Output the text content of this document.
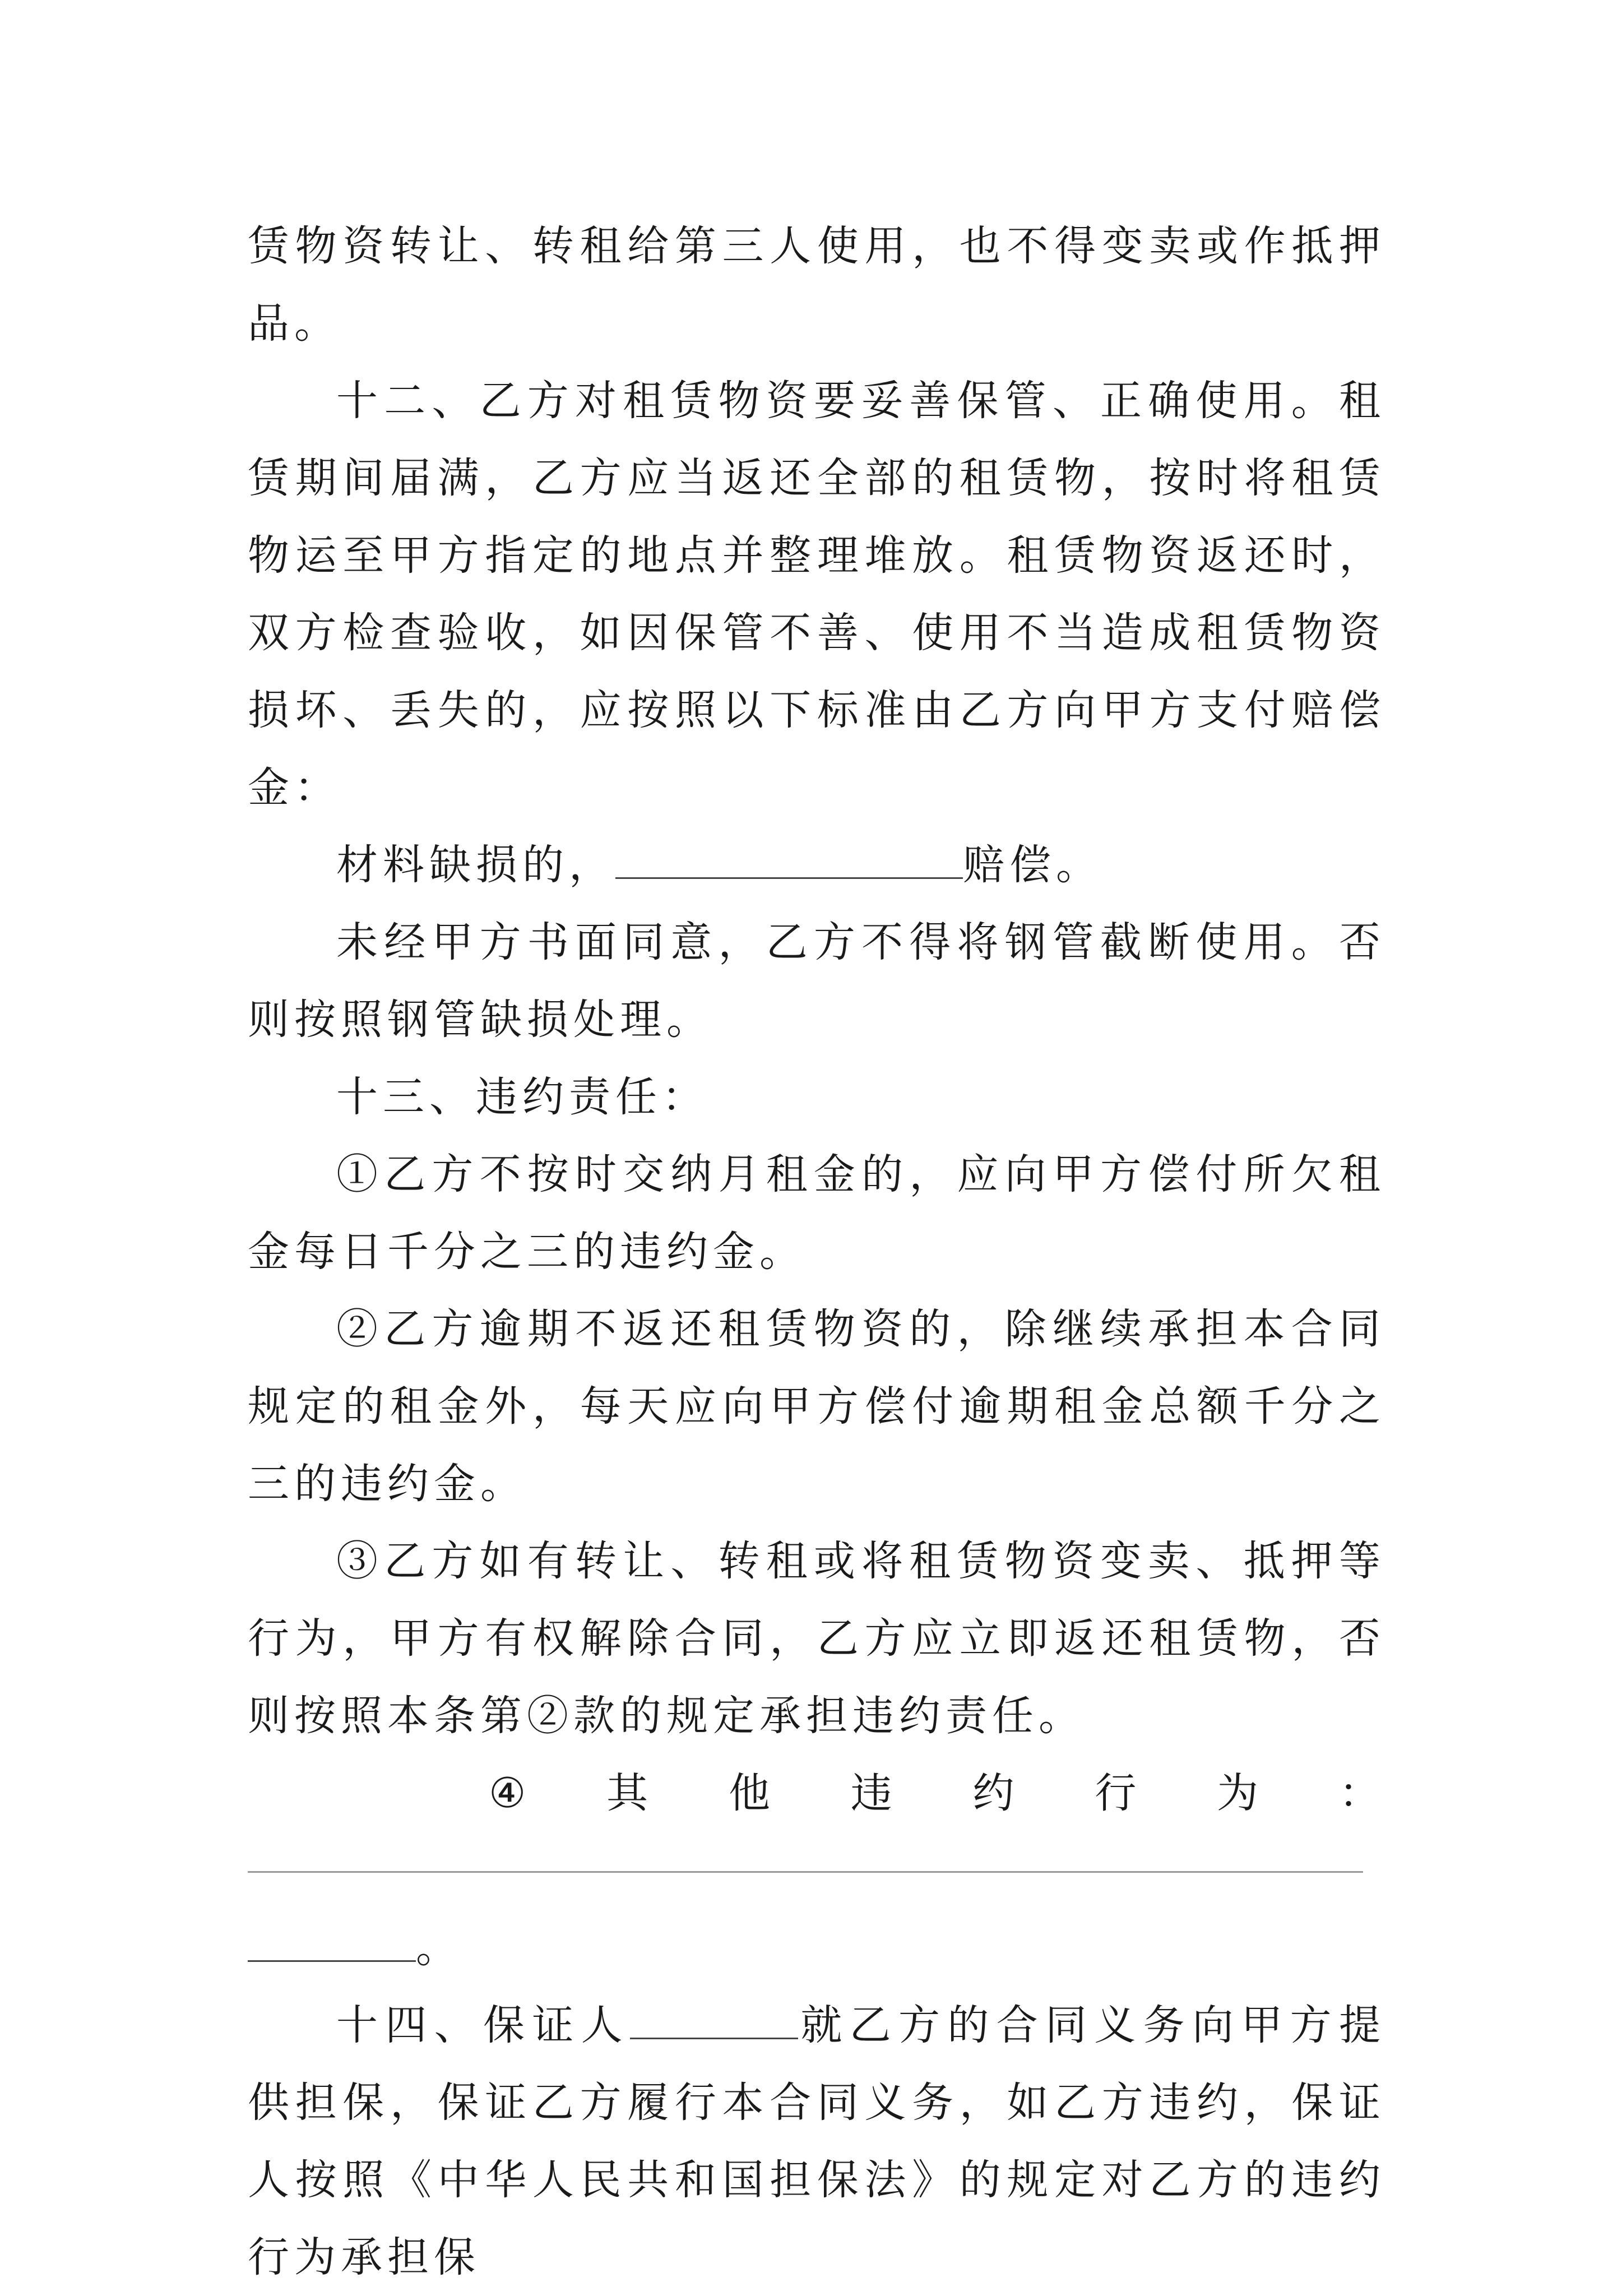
赁物资转让、转租给第三人使用，也不得变卖或作抵押品。

十二、乙方对租赁物资要妥善保管、正确使用。租赁期间届满，乙方应当返还全部的租赁物，按时将租赁物运至甲方指定的地点并整理堆放。租赁物资返还时，双方检查验收，如因保管不善、使用不当造成租赁物资损坏、丢失的，应按照以下标准由乙方向甲方支付赔偿金：

材料缺损的，	赔偿。

未经甲方书面同意，乙方不得将钢管截断使用。否则按照钢管缺损处理。

十三、违约责任：

①乙方不按时交纳月租金的，应向甲方偿付所欠租金每日千分之三的违约金。

②乙方逾期不返还租赁物资的，除继续承担本合同规定的租金外，每天应向甲方偿付逾期租金总额千分之三的违约金。

③乙方如有转让、转租或将租赁物资变卖、抵押等行为，甲方有权解除合同，乙方应立即返还租赁物，否则按照本条第②款的规定承担违约责任。

④ 其 他 违 约 行 为 ：
。

十四、保证人	就乙方的合同义务向甲方提供担保，保证乙方履行本合同义务，如乙方违约，保证人按照《中华人民共和国担保法》的规定对乙方的违约行为承担保
